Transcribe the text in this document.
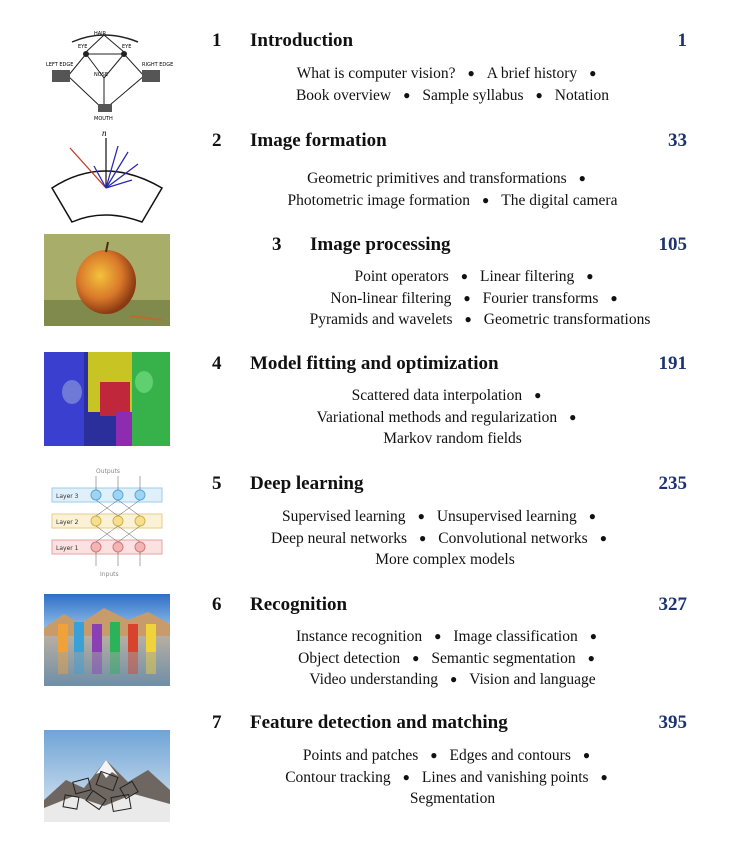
HAIR
EYE	EYE
LEFT EDGE	RIGHT EDGE
NOSE
MOUTH
1 Introduction	1
What is computer vision? ● A brief history ●
Book overview ● Sample syllabus ● Notation
n	2 Image formation	33
Geometric primitives and transformations ●
Photometric image formation ● The digital camera
3 Image processing	105
Point operators ● Linear filtering ●
Non-linear filtering ● Fourier transforms ●
Pyramids and wavelets ● Geometric transformations
4 Model fitting and optimization	191
Scattered data interpolation ●
Variational methods and regularization ●
Markov random fields
Outputs
Layer 3
Layer 2
Layer 1
Inputs
5 Deep learning	235
Supervised learning ● Unsupervised learning ●
Deep neural networks ● Convolutional networks ●
More complex models
6 Recognition	327
Instance recognition ● Image classification ●
Object detection ● Semantic segmentation ●
Video understanding ● Vision and language
7 Feature detection and matching	395
Points and patches ● Edges and contours ●
Contour tracking ● Lines and vanishing points ●
Segmentation
